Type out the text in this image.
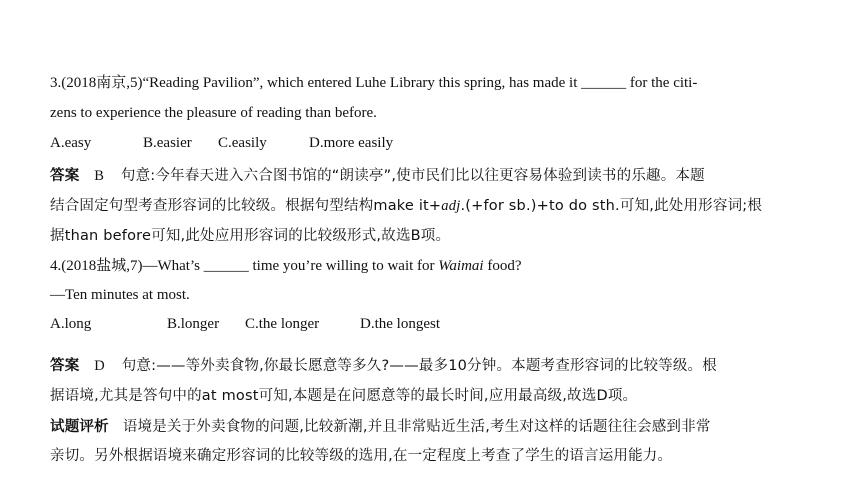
3.(2018南京,5)“Reading Pavilion”, which entered Luhe Library this spring, has made it ______ for the citi-
zens to experience the pleasure of reading than before.
A.easy	B.easier C.easily	D.more easily
答案 B 句意:今年春天进入六合图书馆的“朗读亭”,使市民们比以往更容易体验到读书的乐趣。本题
结合固定句型考查形容词的比较级。根据句型结构make it+adj.(+for sb.)+to do sth.可知,此处用形容词;根
据than before可知,此处应用形容词的比较级形式,故选B项。
4.(2018盐城,7)—What’s ______ time you’re willing to wait for Waimai food?
—Ten minutes at most.
A.long	B.longer C.the longer	D.the longest
答案 D 句意:——等外卖食物,你最长愿意等多久?——最多10分钟。本题考查形容词的比较等级。根
据语境,尤其是答句中的at most可知,本题是在问愿意等的最长时间,应用最高级,故选D项。
试题评析 语境是关于外卖食物的问题,比较新潮,并且非常贴近生活,考生对这样的话题往往会感到非常
亲切。另外根据语境来确定形容词的比较等级的选用,在一定程度上考查了学生的语言运用能力。
